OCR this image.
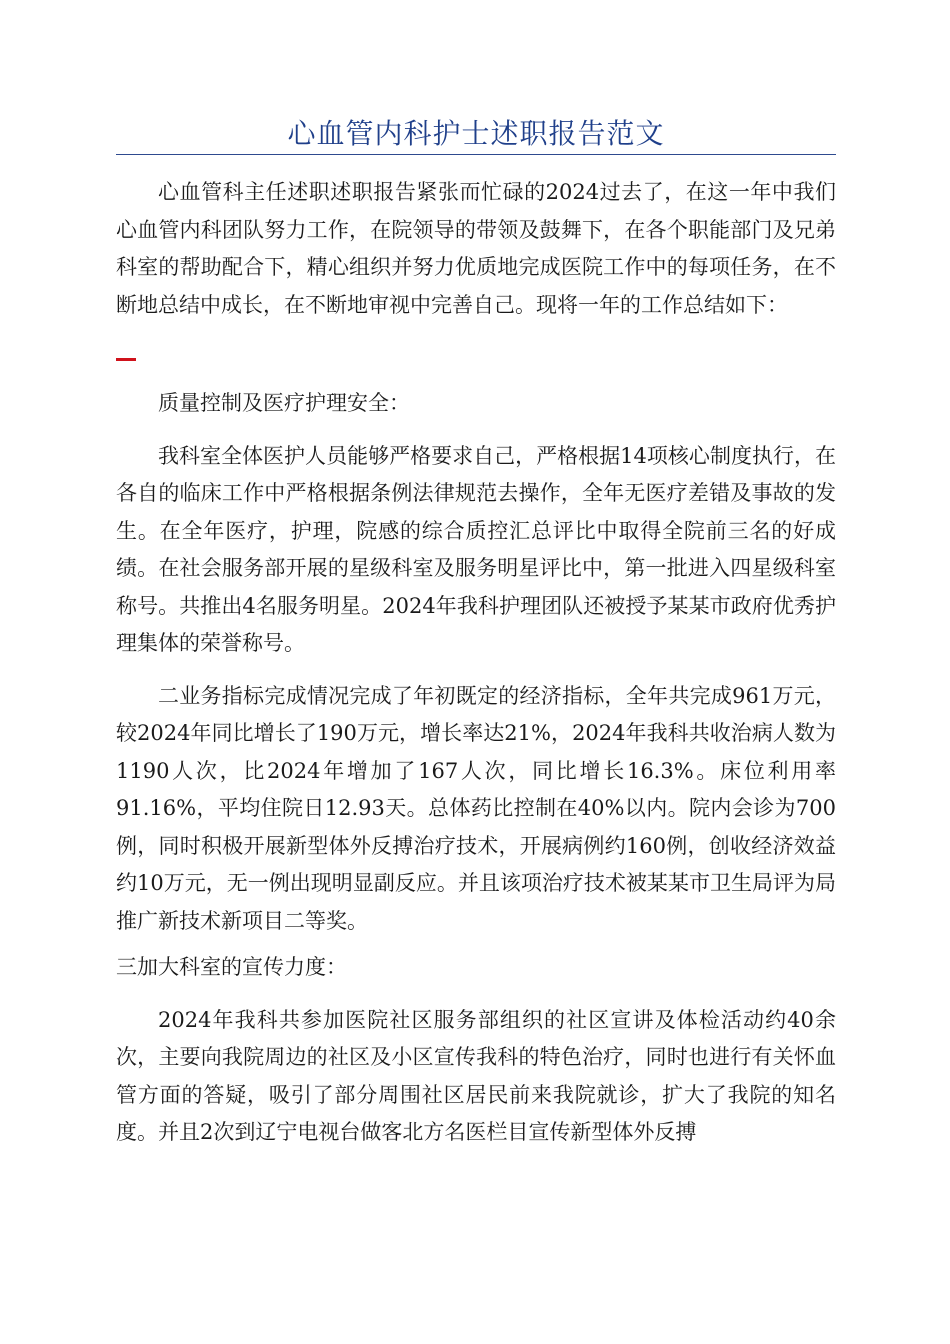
心血管内科护士述职报告范文

心血管科主任述职述职报告紧张而忙碌的2024过去了，在这一年中我们心血管内科团队努力工作，在院领导的带领及鼓舞下，在各个职能部门及兄弟科室的帮助配合下，精心组织并努力优质地完成医院工作中的每项任务，在不断地总结中成长，在不断地审视中完善自己。现将一年的工作总结如下：

质量控制及医疗护理安全：

我科室全体医护人员能够严格要求自己，严格根据14项核心制度执行，在各自的临床工作中严格根据条例法律规范去操作，全年无医疗差错及事故的发生。在全年医疗，护理，院感的综合质控汇总评比中取得全院前三名的好成绩。在社会服务部开展的星级科室及服务明星评比中，第一批进入四星级科室称号。共推出4名服务明星。2024年我科护理团队还被授予某某市政府优秀护理集体的荣誉称号。

二业务指标完成情况完成了年初既定的经济指标，全年共完成961万元，较2024年同比增长了190万元，增长率达21%，2024年我科共收治病人数为1190人次，比2024年增加了167人次，同比增长16.3%。床位利用率91.16%，平均住院日12.93天。总体药比控制在40%以内。院内会诊为700例，同时积极开展新型体外反搏治疗技术，开展病例约160例，创收经济效益约10万元，无一例出现明显副反应。并且该项治疗技术被某某市卫生局评为局推广新技术新项目二等奖。

三加大科室的宣传力度：

2024年我科共参加医院社区服务部组织的社区宣讲及体检活动约40余次，主要向我院周边的社区及小区宣传我科的特色治疗，同时也进行有关怀血管方面的答疑，吸引了部分周围社区居民前来我院就诊，扩大了我院的知名度。并且2次到辽宁电视台做客北方名医栏目宣传新型体外反搏
